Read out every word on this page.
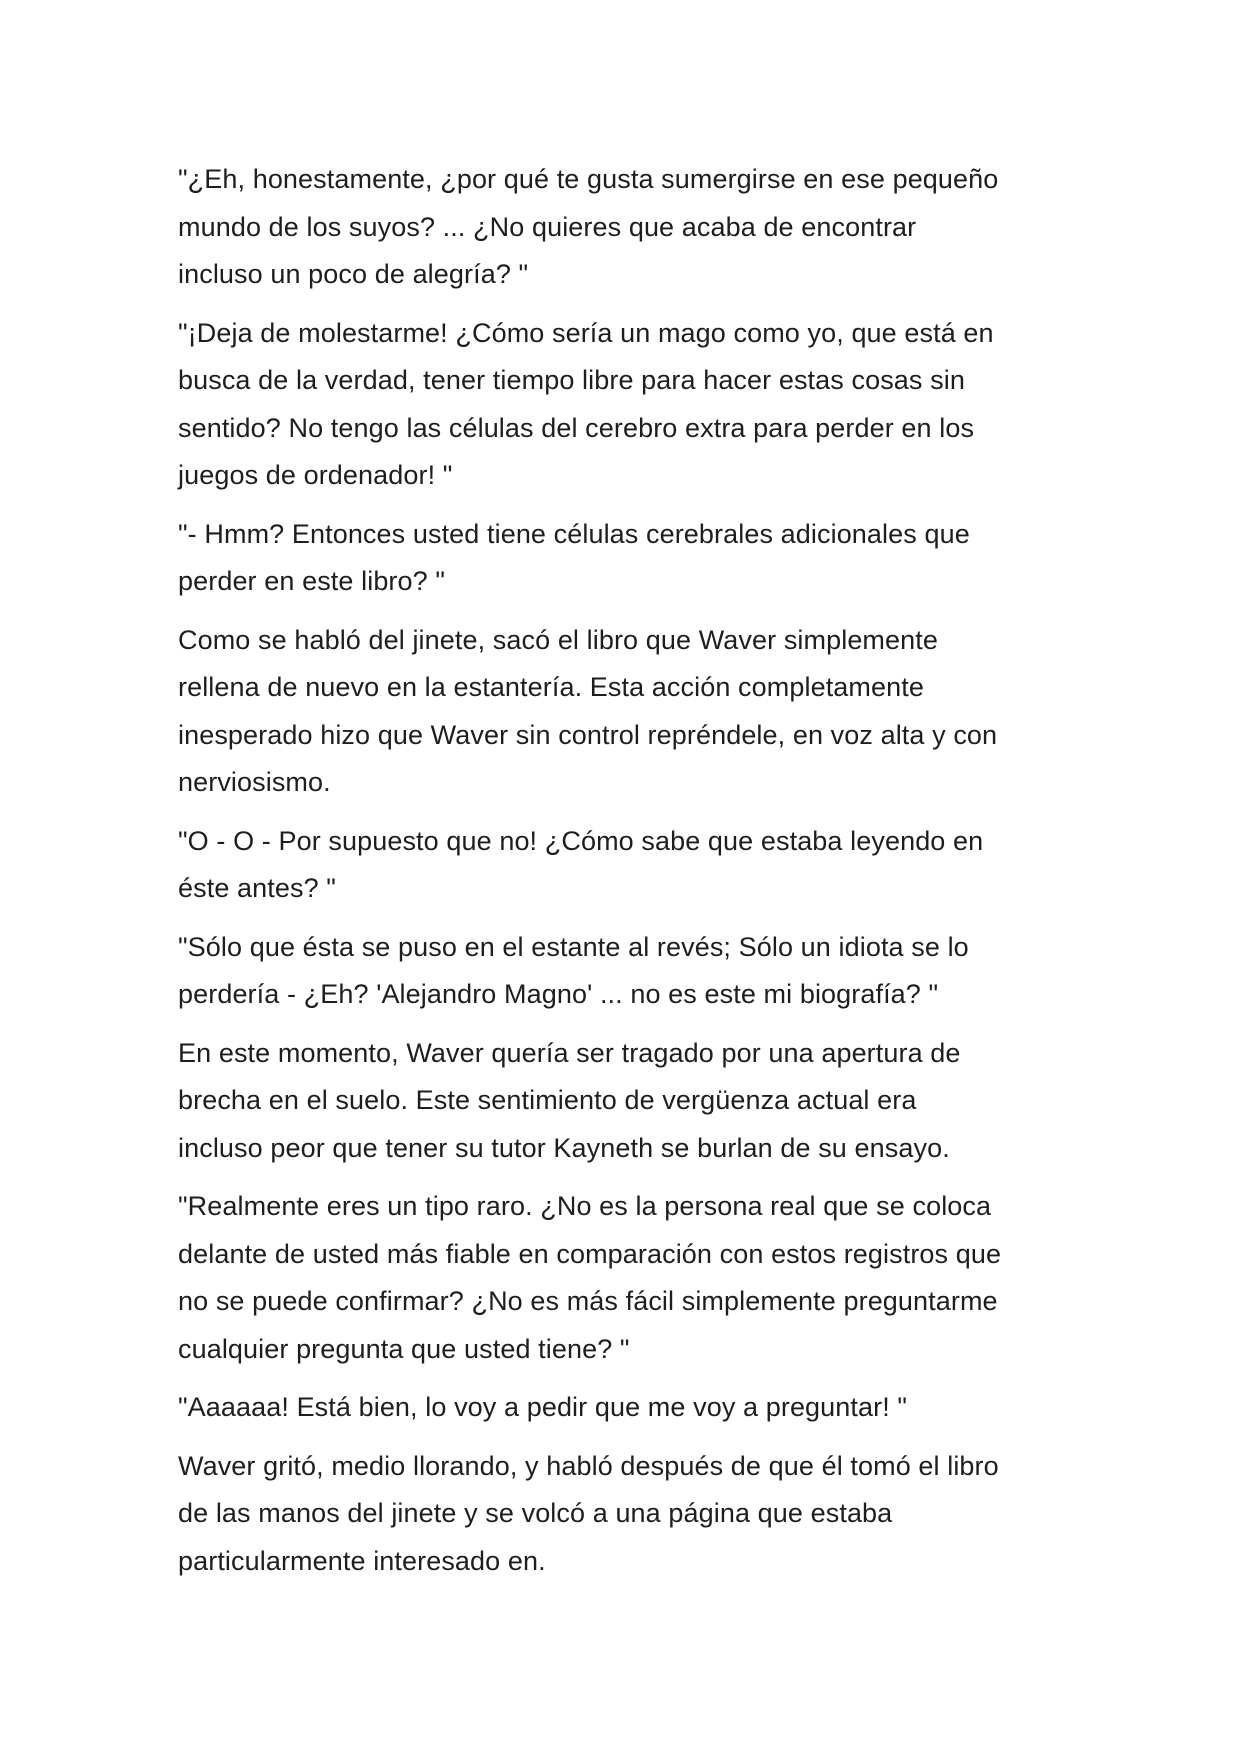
"¿Eh, honestamente, ¿por qué te gusta sumergirse en ese pequeño
mundo de los suyos? ... ¿No quieres que acaba de encontrar
incluso un poco de alegría? "

"¡Deja de molestarme! ¿Cómo sería un mago como yo, que está en
busca de la verdad, tener tiempo libre para hacer estas cosas sin
sentido? No tengo las células del cerebro extra para perder en los
juegos de ordenador! "

"- Hmm? Entonces usted tiene células cerebrales adicionales que
perder en este libro? "

Como se habló del jinete, sacó el libro que Waver simplemente
rellena de nuevo en la estantería. Esta acción completamente
inesperado hizo que Waver sin control repréndele, en voz alta y con
nerviosismo.

"O - O - Por supuesto que no! ¿Cómo sabe que estaba leyendo en
éste antes? "

"Sólo que ésta se puso en el estante al revés; Sólo un idiota se lo
perdería - ¿Eh? 'Alejandro Magno' ... no es este mi biografía? "

En este momento, Waver quería ser tragado por una apertura de
brecha en el suelo. Este sentimiento de vergüenza actual era
incluso peor que tener su tutor Kayneth se burlan de su ensayo.

"Realmente eres un tipo raro. ¿No es la persona real que se coloca
delante de usted más fiable en comparación con estos registros que
no se puede confirmar? ¿No es más fácil simplemente preguntarme
cualquier pregunta que usted tiene? "

"Aaaaaa! Está bien, lo voy a pedir que me voy a preguntar! "

Waver gritó, medio llorando, y habló después de que él tomó el libro
de las manos del jinete y se volcó a una página que estaba
particularmente interesado en.
